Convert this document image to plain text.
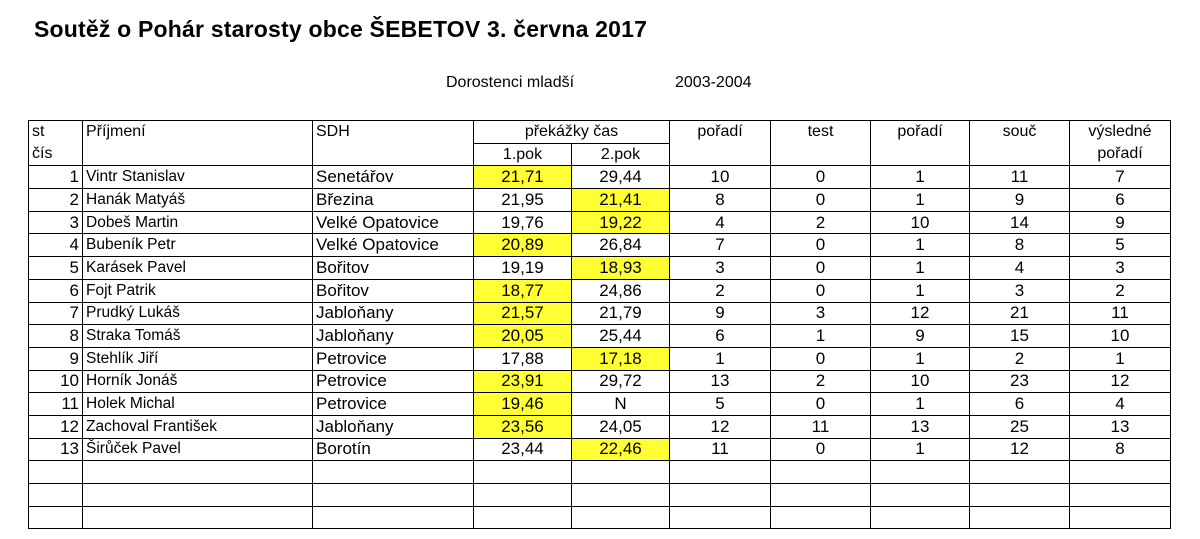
Soutěž o Pohár starosty obce ŠEBETOV 3. června 2017
Dorostenci mladší	2003-2004
st	Příjmení	SDH	překážky čas		pořadí	test	pořadí	souč	výsledné
čís			1.pok	2.pok					pořadí
1	Vintr Stanislav	Senetářov	21,71	29,44	10	0	1	11	7
2	Hanák Matyáš	Březina	21,95	21,41	8	0	1	9	6
3	Dobeš Martin	Velké Opatovice	19,76	19,22	4	2	10	14	9
4	Bubeník Petr	Velké Opatovice	20,89	26,84	7	0	1	8	5
5	Karásek Pavel	Bořitov	19,19	18,93	3	0	1	4	3
6	Fojt Patrik	Bořitov	18,77	24,86	2	0	1	3	2
7	Prudký Lukáš	Jabloňany	21,57	21,79	9	3	12	21	11
8	Straka Tomáš	Jabloňany	20,05	25,44	6	1	9	15	10
9	Stehlík Jiří	Petrovice	17,88	17,18	1	0	1	2	1
10	Horník Jonáš	Petrovice	23,91	29,72	13	2	10	23	12
11	Holek Michal	Petrovice	19,46	N	5	0	1	6	4
12	Zachoval František	Jabloňany	23,56	24,05	12	11	13	25	13
13	Širůček Pavel	Borotín	23,44	22,46	11	0	1	12	8
